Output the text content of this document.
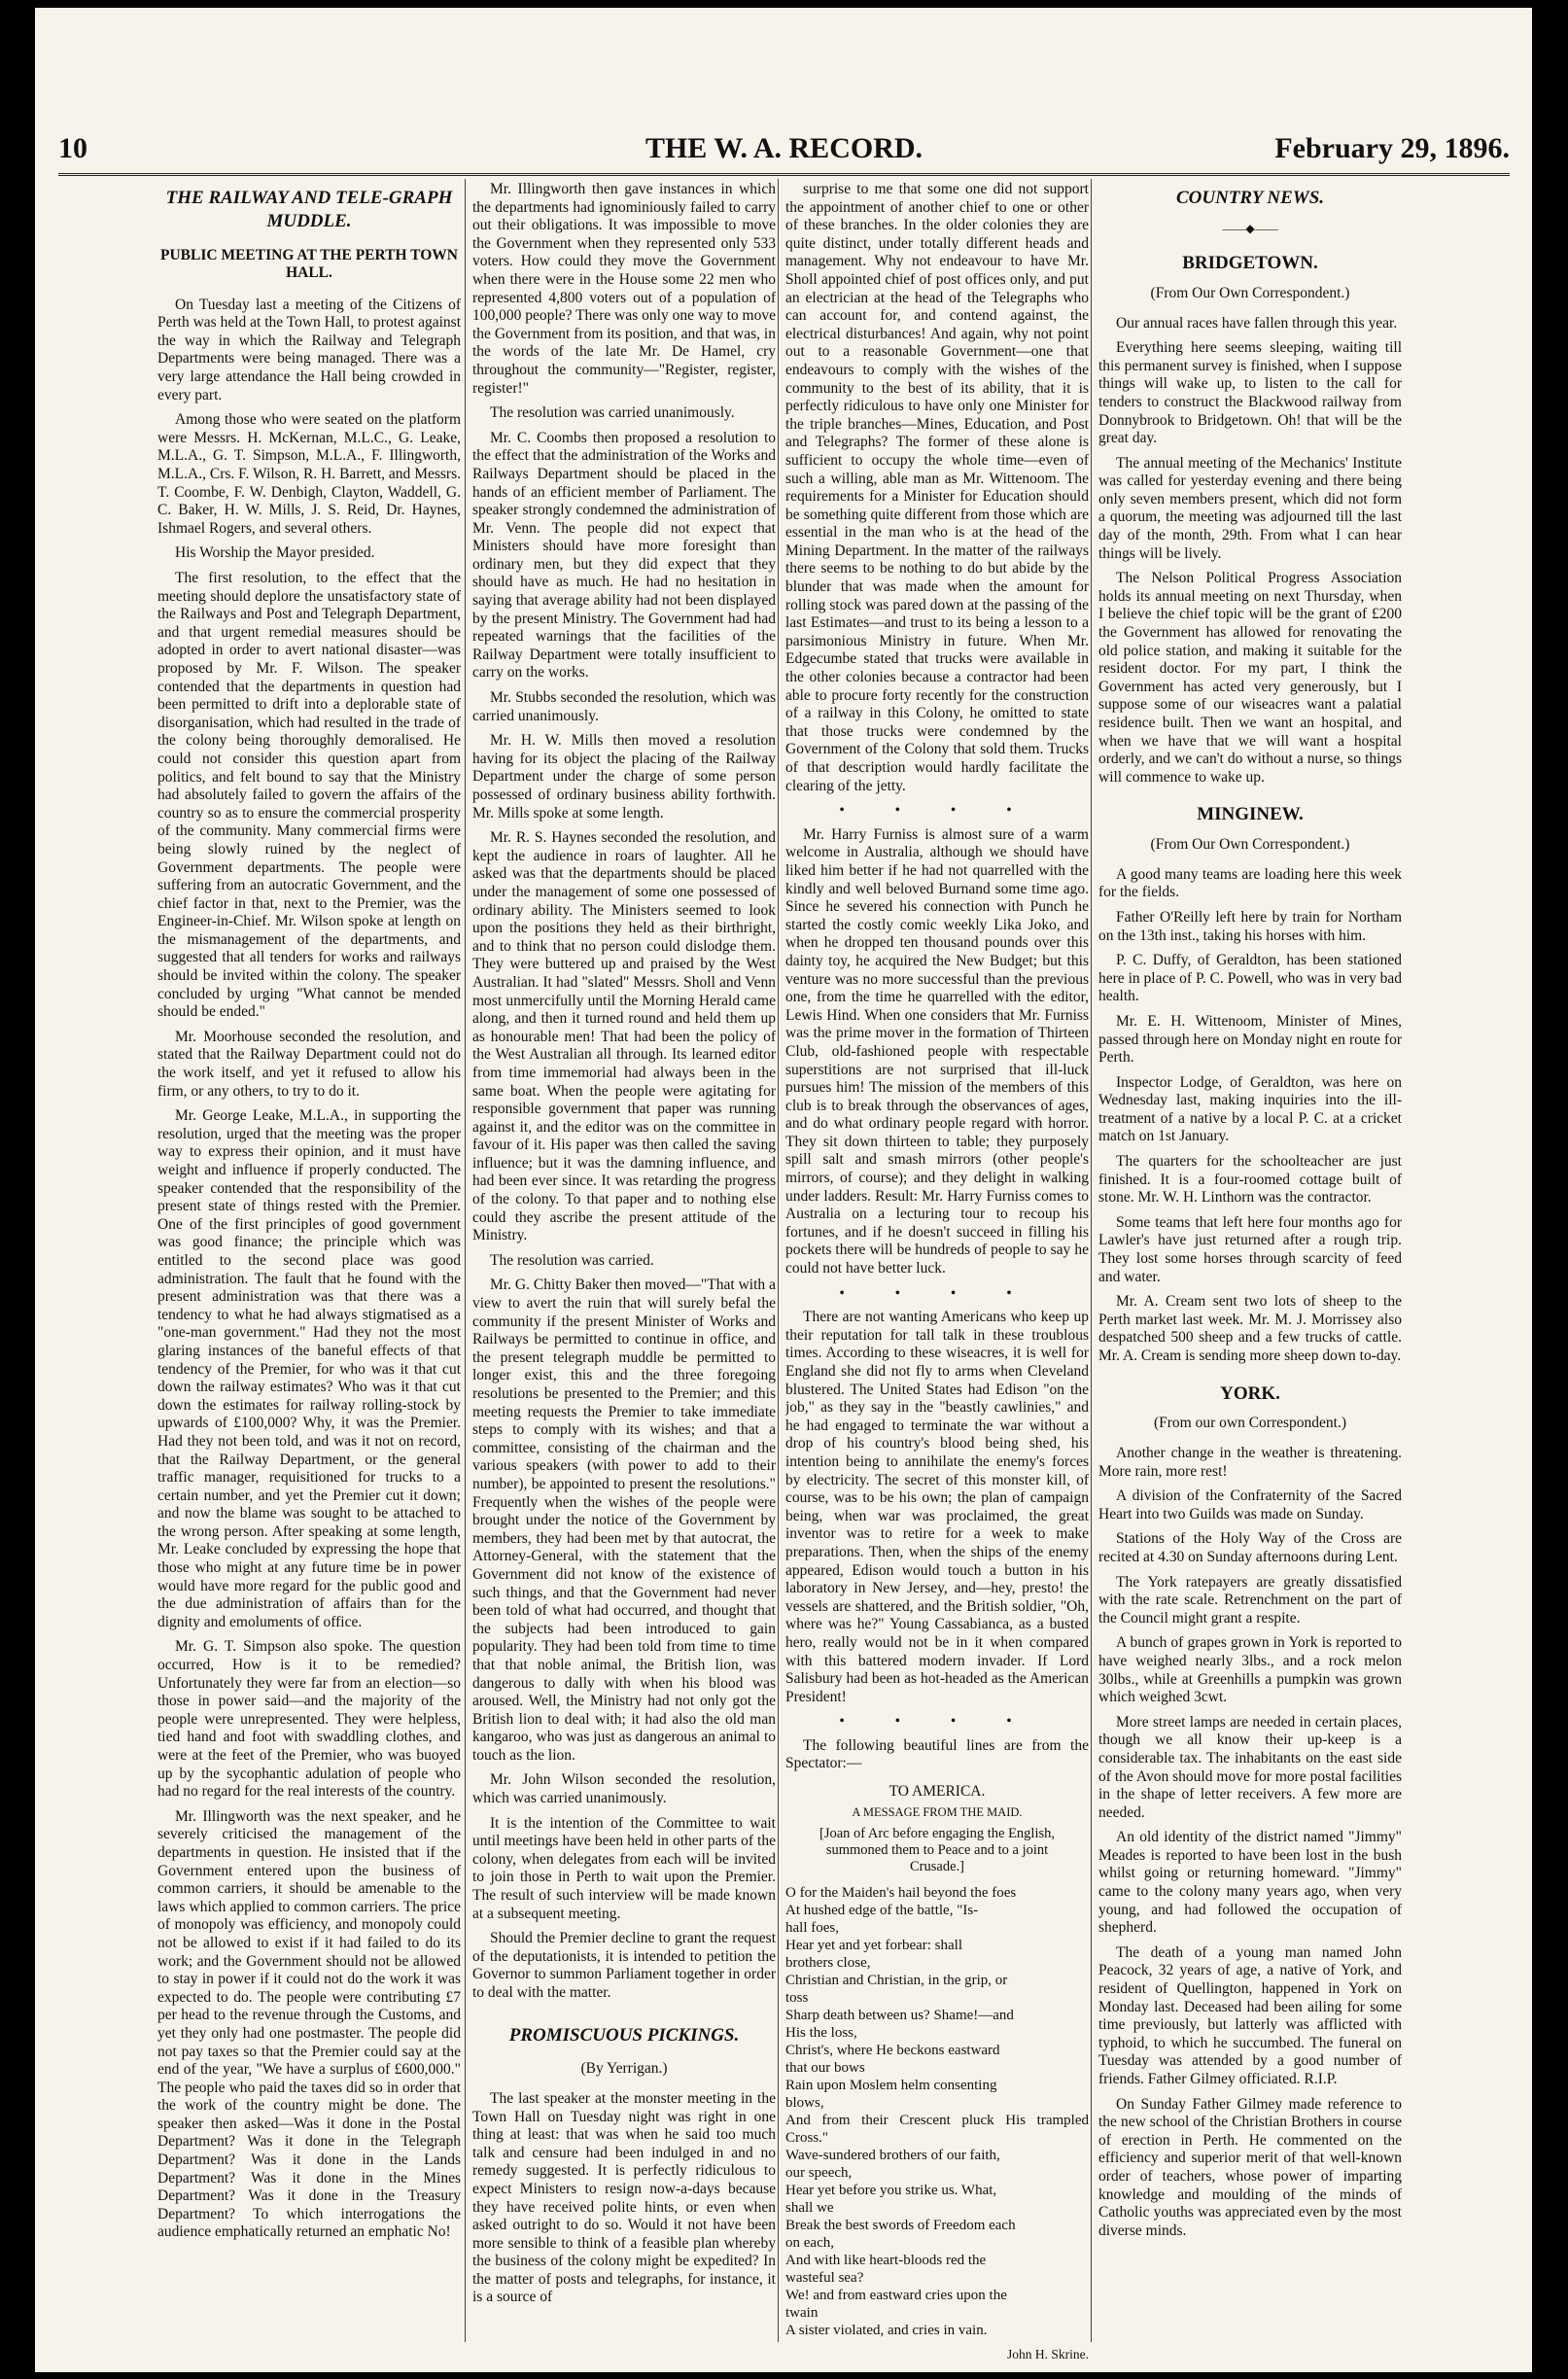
10	THE W. A. RECORD.	February 29, 1896.
THE RAILWAY AND TELE-GRAPH MUDDLE.
PUBLIC MEETING AT THE PERTH TOWN HALL.

On Tuesday last a meeting of the Citizens of Perth was held at the Town Hall, to protest against the way in which the Railway and Telegraph Departments were being managed. There was a very large attendance the Hall being crowded in every part.

Among those who were seated on the platform were Messrs. H. McKernan, M.L.C., G. Leake, M.L.A., G. T. Simpson, M.L.A., F. Illingworth, M.L.A., Crs. F. Wilson, R. H. Barrett, and Messrs. T. Coombe, F. W. Denbigh, Clayton, Waddell, G. C. Baker, H. W. Mills, J. S. Reid, Dr. Haynes, Ishmael Rogers, and several others.

His Worship the Mayor presided.

The first resolution, to the effect that the meeting should deplore the unsatisfactory state of the Railways and Post and Telegraph Department, and that urgent remedial measures should be adopted in order to avert national disaster—was proposed by Mr. F. Wilson. The speaker contended that the departments in question had been permitted to drift into a deplorable state of disorganisation, which had resulted in the trade of the colony being thoroughly demoralised. He could not consider this question apart from politics, and felt bound to say that the Ministry had absolutely failed to govern the affairs of the country so as to ensure the commercial prosperity of the community. Many commercial firms were being slowly ruined by the neglect of Government departments. The people were suffering from an autocratic Government, and the chief factor in that, next to the Premier, was the Engineer-in-Chief. Mr. Wilson spoke at length on the mismanagement of the departments, and suggested that all tenders for works and railways should be invited within the colony. The speaker concluded by urging "What cannot be mended should be ended."

Mr. Moorhouse seconded the resolution, and stated that the Railway Department could not do the work itself, and yet it refused to allow his firm, or any others, to try to do it.

Mr. George Leake, M.L.A., in supporting the resolution, urged that the meeting was the proper way to express their opinion, and it must have weight and influence if properly conducted. The speaker contended that the responsibility of the present state of things rested with the Premier. One of the first principles of good government was good finance; the principle which was entitled to the second place was good administration. The fault that he found with the present administration was that there was a tendency to what he had always stigmatised as a "one-man government." Had they not the most glaring instances of the baneful effects of that tendency of the Premier, for who was it that cut down the railway estimates? Who was it that cut down the estimates for railway rolling-stock by upwards of £100,000? Why, it was the Premier. Had they not been told, and was it not on record, that the Railway Department, or the general traffic manager, requisitioned for trucks to a certain number, and yet the Premier cut it down; and now the blame was sought to be attached to the wrong person. After speaking at some length, Mr. Leake concluded by expressing the hope that those who might at any future time be in power would have more regard for the public good and the due administration of affairs than for the dignity and emoluments of office.

Mr. G. T. Simpson also spoke. The question occurred, How is it to be remedied? Unfortunately they were far from an election—so those in power said—and the majority of the people were unrepresented. They were helpless, tied hand and foot with swaddling clothes, and were at the feet of the Premier, who was buoyed up by the sycophantic adulation of people who had no regard for the real interests of the country.

Mr. Illingworth was the next speaker, and he severely criticised the management of the departments in question. He insisted that if the Government entered upon the business of common carriers, it should be amenable to the laws which applied to common carriers. The price of monopoly was efficiency, and monopoly could not be allowed to exist if it had failed to do its work; and the Government should not be allowed to stay in power if it could not do the work it was expected to do. The people were contributing £7 per head to the revenue through the Customs, and yet they only had one postmaster. The people did not pay taxes so that the Premier could say at the end of the year, "We have a surplus of £600,000." The people who paid the taxes did so in order that the work of the country might be done. The speaker then asked—Was it done in the Postal Department? Was it done in the Telegraph Department? Was it done in the Lands Department? Was it done in the Mines Department? Was it done in the Treasury Department? To which interrogations the audience emphatically returned an emphatic No!

Mr. Illingworth then gave instances in which the departments had ignominiously failed to carry out their obligations. It was impossible to move the Government when they represented only 533 voters. How could they move the Government when there were in the House some 22 men who represented 4,800 voters out of a population of 100,000 people? There was only one way to move the Government from its position, and that was, in the words of the late Mr. De Hamel, cry throughout the community—"Register, register, register!"

The resolution was carried unanimously.

Mr. C. Coombs then proposed a resolution to the effect that the administration of the Works and Railways Department should be placed in the hands of an efficient member of Parliament. The speaker strongly condemned the administration of Mr. Venn. The people did not expect that Ministers should have more foresight than ordinary men, but they did expect that they should have as much. He had no hesitation in saying that average ability had not been displayed by the present Ministry. The Government had had repeated warnings that the facilities of the Railway Department were totally insufficient to carry on the works.

Mr. Stubbs seconded the resolution, which was carried unanimously.

Mr. H. W. Mills then moved a resolution having for its object the placing of the Railway Department under the charge of some person possessed of ordinary business ability forthwith. Mr. Mills spoke at some length.

Mr. R. S. Haynes seconded the resolution, and kept the audience in roars of laughter. All he asked was that the departments should be placed under the management of some one possessed of ordinary ability. The Ministers seemed to look upon the positions they held as their birthright, and to think that no person could dislodge them. They were buttered up and praised by the West Australian. It had "slated" Messrs. Sholl and Venn most unmercifully until the Morning Herald came along, and then it turned round and held them up as honourable men! That had been the policy of the West Australian all through. Its learned editor from time immemorial had always been in the same boat. When the people were agitating for responsible government that paper was running against it, and the editor was on the committee in favour of it. His paper was then called the saving influence; but it was the damning influence, and had been ever since. It was retarding the progress of the colony. To that paper and to nothing else could they ascribe the present attitude of the Ministry.

The resolution was carried.

Mr. G. Chitty Baker then moved—"That with a view to avert the ruin that will surely befal the community if the present Minister of Works and Railways be permitted to continue in office, and the present telegraph muddle be permitted to longer exist, this and the three foregoing resolutions be presented to the Premier; and this meeting requests the Premier to take immediate steps to comply with its wishes; and that a committee, consisting of the chairman and the various speakers (with power to add to their number), be appointed to present the resolutions." Frequently when the wishes of the people were brought under the notice of the Government by members, they had been met by that autocrat, the Attorney-General, with the statement that the Government did not know of the existence of such things, and that the Government had never been told of what had occurred, and thought that the subjects had been introduced to gain popularity. They had been told from time to time that that noble animal, the British lion, was dangerous to dally with when his blood was aroused. Well, the Ministry had not only got the British lion to deal with; it had also the old man kangaroo, who was just as dangerous an animal to touch as the lion.

Mr. John Wilson seconded the resolution, which was carried unanimously.

It is the intention of the Committee to wait until meetings have been held in other parts of the colony, when delegates from each will be invited to join those in Perth to wait upon the Premier. The result of such interview will be made known at a subsequent meeting.

Should the Premier decline to grant the request of the deputationists, it is intended to petition the Governor to summon Parliament together in order to deal with the matter.

PROMISCUOUS PICKINGS.
(By Yerrigan.)

The last speaker at the monster meeting in the Town Hall on Tuesday night was right in one thing at least: that was when he said too much talk and censure had been indulged in and no remedy suggested. It is perfectly ridiculous to expect Ministers to resign now-a-days because they have received polite hints, or even when asked outright to do so. Would it not have been more sensible to think of a feasible plan whereby the business of the colony might be expedited? In the matter of posts and telegraphs, for instance, it is a source of

surprise to me that some one did not support the appointment of another chief to one or other of these branches. In the older colonies they are quite distinct, under totally different heads and management. Why not endeavour to have Mr. Sholl appointed chief of post offices only, and put an electrician at the head of the Telegraphs who can account for, and contend against, the electrical disturbances! And again, why not point out to a reasonable Government—one that endeavours to comply with the wishes of the community to the best of its ability, that it is perfectly ridiculous to have only one Minister for the triple branches—Mines, Education, and Post and Telegraphs? The former of these alone is sufficient to occupy the whole time—even of such a willing, able man as Mr. Wittenoom. The requirements for a Minister for Education should be something quite different from those which are essential in the man who is at the head of the Mining Department. In the matter of the railways there seems to be nothing to do but abide by the blunder that was made when the amount for rolling stock was pared down at the passing of the last Estimates—and trust to its being a lesson to a parsimonious Ministry in future. When Mr. Edgecumbe stated that trucks were available in the other colonies because a contractor had been able to procure forty recently for the construction of a railway in this Colony, he omitted to state that those trucks were condemned by the Government of the Colony that sold them. Trucks of that description would hardly facilitate the clearing of the jetty.

• • • •

Mr. Harry Furniss is almost sure of a warm welcome in Australia, although we should have liked him better if he had not quarrelled with the kindly and well beloved Burnand some time ago. Since he severed his connection with Punch he started the costly comic weekly Lika Joko, and when he dropped ten thousand pounds over this dainty toy, he acquired the New Budget; but this venture was no more successful than the previous one, from the time he quarrelled with the editor, Lewis Hind. When one considers that Mr. Furniss was the prime mover in the formation of Thirteen Club, old-fashioned people with respectable superstitions are not surprised that ill-luck pursues him! The mission of the members of this club is to break through the observances of ages, and do what ordinary people regard with horror. They sit down thirteen to table; they purposely spill salt and smash mirrors (other people's mirrors, of course); and they delight in walking under ladders. Result: Mr. Harry Furniss comes to Australia on a lecturing tour to recoup his fortunes, and if he doesn't succeed in filling his pockets there will be hundreds of people to say he could not have better luck.

• • • •

There are not wanting Americans who keep up their reputation for tall talk in these troublous times. According to these wiseacres, it is well for England she did not fly to arms when Cleveland blustered. The United States had Edison "on the job," as they say in the "beastly cawlinies," and he had engaged to terminate the war without a drop of his country's blood being shed, his intention being to annihilate the enemy's forces by electricity. The secret of this monster kill, of course, was to be his own; the plan of campaign being, when war was proclaimed, the great inventor was to retire for a week to make preparations. Then, when the ships of the enemy appeared, Edison would touch a button in his laboratory in New Jersey, and—hey, presto! the vessels are shattered, and the British soldier, "Oh, where was he?" Young Cassabianca, as a busted hero, really would not be in it when compared with this battered modern invader. If Lord Salisbury had been as hot-headed as the American President!

• • • •

The following beautiful lines are from the Spectator:—

TO AMERICA.
A MESSAGE FROM THE MAID.
[Joan of Arc before engaging the English, summoned them to Peace and to a joint Crusade.]
O for the Maiden's hail beyond the foes
At hushed edge of the battle, "Is-
hall foes,
Hear yet and yet forbear: shall
brothers close,
Christian and Christian, in the grip, or
toss
Sharp death between us? Shame!—and
His the loss,
Christ's, where He beckons eastward
that our bows
Rain upon Moslem helm consenting
blows,
And from their Crescent pluck His trampled Cross."
Wave-sundered brothers of our faith,
our speech,
Hear yet before you strike us. What,
shall we
Break the best swords of Freedom each
on each,
And with like heart-bloods red the
wasteful sea?
We! and from eastward cries upon the
twain
A sister violated, and cries in vain.
John H. Skrine.
COUNTRY NEWS.
——◆——
BRIDGETOWN.
(From Our Own Correspondent.)

Our annual races have fallen through this year.

Everything here seems sleeping, waiting till this permanent survey is finished, when I suppose things will wake up, to listen to the call for tenders to construct the Blackwood railway from Donnybrook to Bridgetown. Oh! that will be the great day.

The annual meeting of the Mechanics' Institute was called for yesterday evening and there being only seven members present, which did not form a quorum, the meeting was adjourned till the last day of the month, 29th. From what I can hear things will be lively.

The Nelson Political Progress Association holds its annual meeting on next Thursday, when I believe the chief topic will be the grant of £200 the Government has allowed for renovating the old police station, and making it suitable for the resident doctor. For my part, I think the Government has acted very generously, but I suppose some of our wiseacres want a palatial residence built. Then we want an hospital, and when we have that we will want a hospital orderly, and we can't do without a nurse, so things will commence to wake up.

MINGINEW.
(From Our Own Correspondent.)

A good many teams are loading here this week for the fields.

Father O'Reilly left here by train for Northam on the 13th inst., taking his horses with him.

P. C. Duffy, of Geraldton, has been stationed here in place of P. C. Powell, who was in very bad health.

Mr. E. H. Wittenoom, Minister of Mines, passed through here on Monday night en route for Perth.

Inspector Lodge, of Geraldton, was here on Wednesday last, making inquiries into the ill-treatment of a native by a local P. C. at a cricket match on 1st January.

The quarters for the schoolteacher are just finished. It is a four-roomed cottage built of stone. Mr. W. H. Linthorn was the contractor.

Some teams that left here four months ago for Lawler's have just returned after a rough trip. They lost some horses through scarcity of feed and water.

Mr. A. Cream sent two lots of sheep to the Perth market last week. Mr. M. J. Morrissey also despatched 500 sheep and a few trucks of cattle. Mr. A. Cream is sending more sheep down to-day.

YORK.
(From our own Correspondent.)

Another change in the weather is threatening. More rain, more rest!

A division of the Confraternity of the Sacred Heart into two Guilds was made on Sunday.

Stations of the Holy Way of the Cross are recited at 4.30 on Sunday afternoons during Lent.

The York ratepayers are greatly dissatisfied with the rate scale. Retrenchment on the part of the Council might grant a respite.

A bunch of grapes grown in York is reported to have weighed nearly 3lbs., and a rock melon 30lbs., while at Greenhills a pumpkin was grown which weighed 3cwt.

More street lamps are needed in certain places, though we all know their up-keep is a considerable tax. The inhabitants on the east side of the Avon should move for more postal facilities in the shape of letter receivers. A few more are needed.

An old identity of the district named "Jimmy" Meades is reported to have been lost in the bush whilst going or returning homeward. "Jimmy" came to the colony many years ago, when very young, and had followed the occupation of shepherd.

The death of a young man named John Peacock, 32 years of age, a native of York, and resident of Quellington, happened in York on Monday last. Deceased had been ailing for some time previously, but latterly was afflicted with typhoid, to which he succumbed. The funeral on Tuesday was attended by a good number of friends. Father Gilmey officiated. R.I.P.

On Sunday Father Gilmey made reference to the new school of the Christian Brothers in course of erection in Perth. He commented on the efficiency and superior merit of that well-known order of teachers, whose power of imparting knowledge and moulding of the minds of Catholic youths was appreciated even by the most diverse minds.
